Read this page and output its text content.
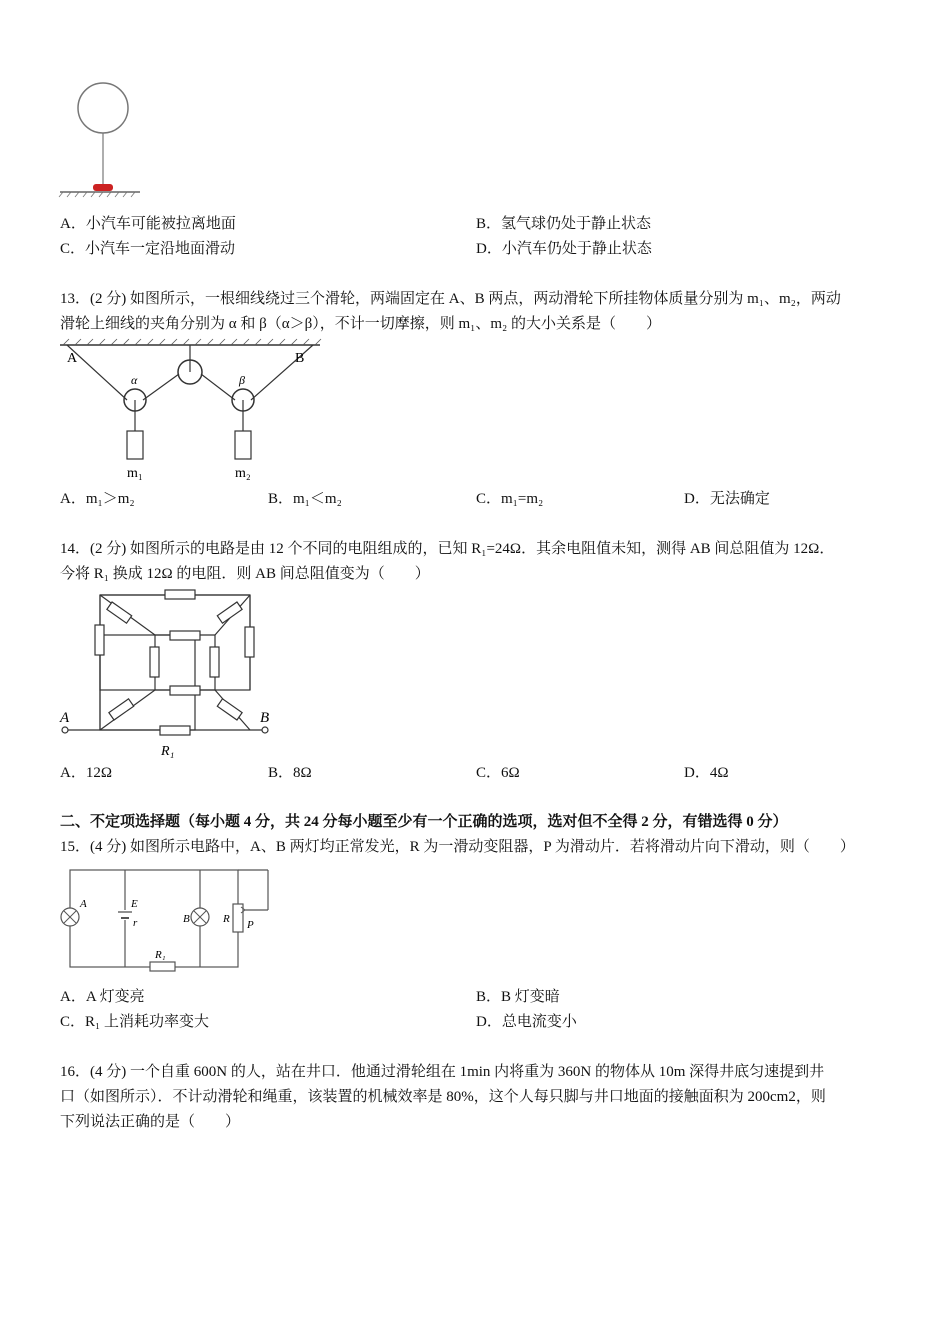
A．小汽车可能被拉离地面	B．氢气球仍处于静止状态
C．小汽车一定沿地面滑动	D．小汽车仍处于静止状态
13．(2 分) 如图所示，一根细线绕过三个滑轮，两端固定在 A、B 两点，两动滑轮下所挂物体质量分别为 m₁、m₂，两动
滑轮上细线的夹角分别为 α 和 β（α＞β），不计一切摩擦，则 m₁、m₂ 的大小关系是（　　）
A	B
α	β
m₁	m₂
A．m₁＞m₂	B．m₁＜m₂	C．m₁=m₂	D．无法确定
14．(2 分) 如图所示的电路是由 12 个不同的电阻组成的，已知 R₁=24Ω．其余电阻值未知，测得 AB 间总阻值为 12Ω．
今将 R₁ 换成 12Ω 的电阻．则 AB 间总阻值变为（　　）
A	B
R₁
A．12Ω	B．8Ω	C．6Ω	D．4Ω
二、不定项选择题（每小题 4 分，共 24 分每小题至少有一个正确的选项，选对但不全得 2 分，有错选得 0 分）
15．(4 分) 如图所示电路中，A、B 两灯均正常发光，R 为一滑动变阻器，P 为滑动片．若将滑动片向下滑动，则（　　）
A	E
r	B	R P
R₁
A．A 灯变亮	B．B 灯变暗
C．R₁ 上消耗功率变大	D．总电流变小
16．(4 分) 一个自重 600N 的人，站在井口．他通过滑轮组在 1min 内将重为 360N 的物体从 10m 深得井底匀速提到井
口（如图所示）．不计动滑轮和绳重，该装置的机械效率是 80%，这个人每只脚与井口地面的接触面积为 200cm2，则
下列说法正确的是（　　）
